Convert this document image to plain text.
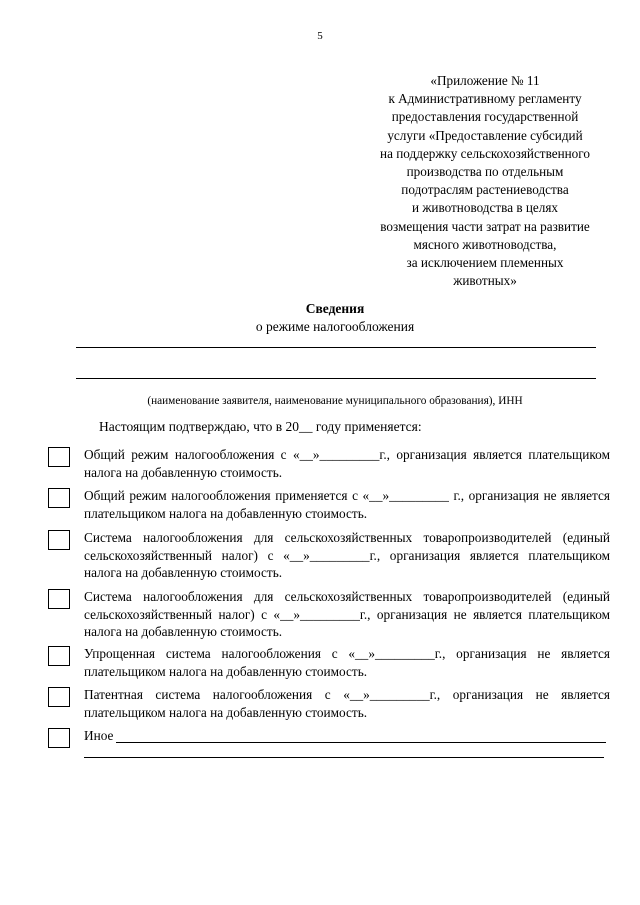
5
«Приложение № 11
к Административному регламенту
предоставления государственной
услуги «Предоставление субсидий
на поддержку сельскохозяйственного
производства по отдельным
подотраслям растениеводства
и животноводства в целях
возмещения части затрат на развитие
мясного животноводства,
за исключением племенных
животных»
Сведения
о режиме налогообложения
(наименование заявителя, наименование муниципального образования), ИНН
Настоящим подтверждаю, что в 20__ году применяется:
Общий режим налогообложения с «__»_________г., организация является плательщиком налога на добавленную стоимость.
Общий режим налогообложения применяется с «__»_________ г., организация не является плательщиком налога на добавленную стоимость.
Система налогообложения для сельскохозяйственных товаропроизводителей (единый сельскохозяйственный налог) с «__»_________г., организация является плательщиком налога на добавленную стоимость.
Система налогообложения для сельскохозяйственных товаропроизводителей (единый сельскохозяйственный налог) с «__»_________г., организация не является плательщиком налога на добавленную стоимость.
Упрощенная система налогообложения с «__»_________г., организация не является плательщиком налога на добавленную стоимость.
Патентная система налогообложения с «__»_________г., организация не является плательщиком налога на добавленную стоимость.
Иное
